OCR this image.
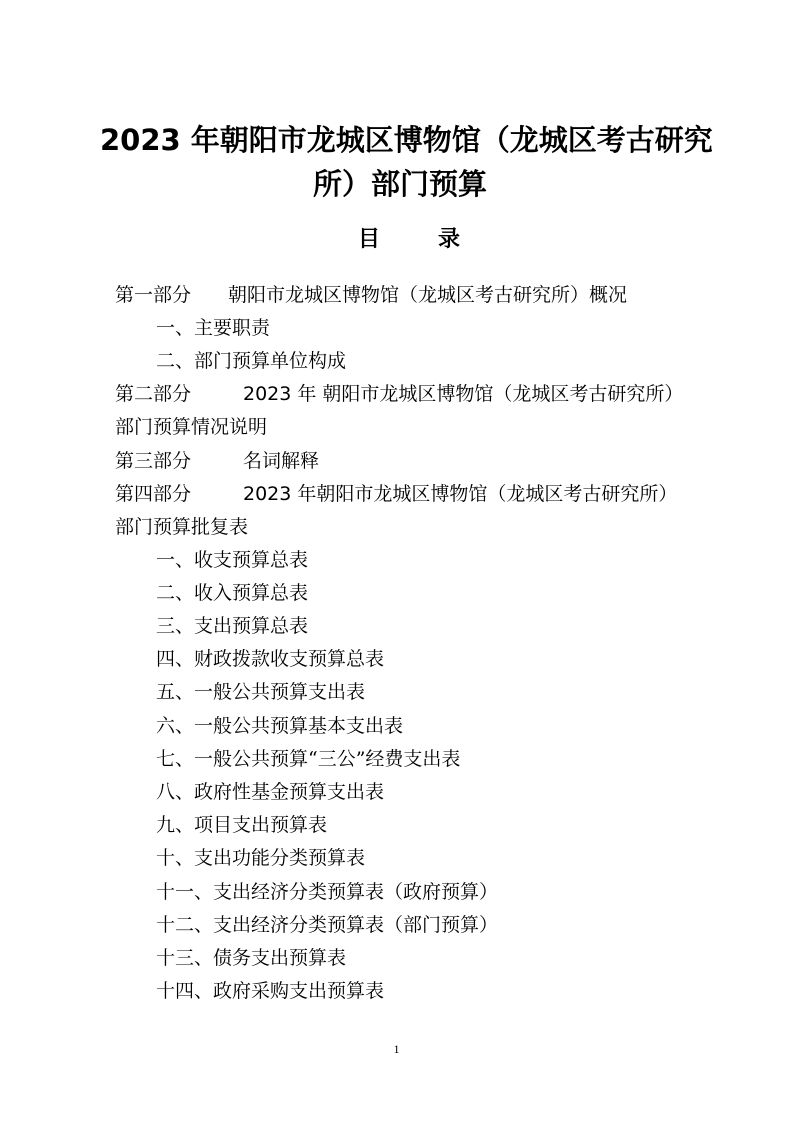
2023 年朝阳市龙城区博物馆（龙城区考古研究
所）部门预算
目录
第一部分 朝阳市龙城区博物馆（龙城区考古研究所）概况
一、主要职责
二、部门预算单位构成
第二部分	2023 年 朝阳市龙城区博物馆（龙城区考古研究所）
部门预算情况说明
第三部分	名词解释
第四部分	2023 年朝阳市龙城区博物馆（龙城区考古研究所）
部门预算批复表
一、收支预算总表
二、收入预算总表
三、支出预算总表
四、财政拨款收支预算总表
五、一般公共预算支出表
六、一般公共预算基本支出表
七、一般公共预算“三公”经费支出表
八、政府性基金预算支出表
九、项目支出预算表
十、支出功能分类预算表
十一、支出经济分类预算表（政府预算）
十二、支出经济分类预算表（部门预算）
十三、债务支出预算表
十四、政府采购支出预算表
1
